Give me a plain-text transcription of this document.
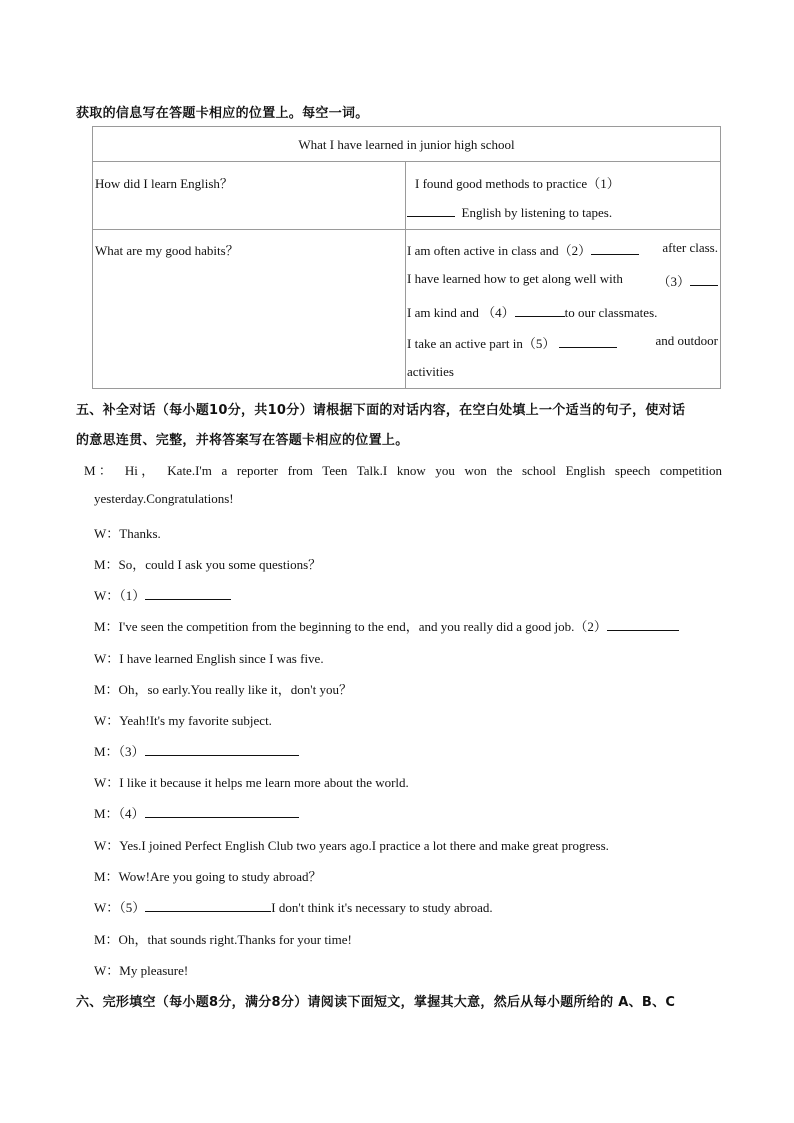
获取的信息写在答题卡相应的位置上。每空一词。
What I have learned in junior high school
How did I learn English？	I found good methods to practice（1）
English by listening to tapes.
What are my good habits？	I am often active in class and（2）	after class.
I have learned how to get along well with	（3）
I am kind and （4）	to our classmates.
I take an active part in（5）	and outdoor
activities
五、补全对话（每小题10分，共10分）请根据下面的对话内容，在空白处填上一个适当的句子，使对话
的意思连贯、完整，并将答案写在答题卡相应的位置上。
M： Hi， Kate.I'm a reporter from Teen Talk.I know you won the school English speech competition
yesterday.Congratulations!
W：Thanks.
M：So，could I ask you some questions？
W：（1）
M：I've seen the competition from the beginning to the end，and you really did a good job.（2）
W：I have learned English since I was five.
M：Oh，so early.You really like it，don't you？
W：Yeah!It's my favorite subject.
M：（3）
W：I like it because it helps me learn more about the world.
M：（4）
W：Yes.I joined Perfect English Club two years ago.I practice a lot there and make great progress.
M：Wow!Are you going to study abroad？
W：（5）	I don't think it's necessary to study abroad.
M：Oh，that sounds right.Thanks for your time!
W：My pleasure!
六、完形填空（每小题8分，满分8分）请阅读下面短文，掌握其大意，然后从每小题所给的 A、B、C
